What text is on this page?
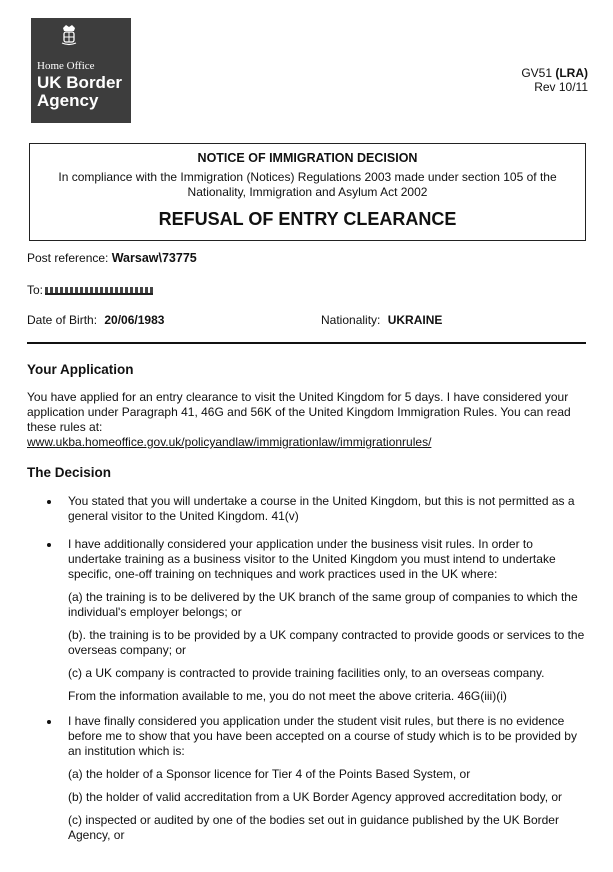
Home Office
UK Border
Agency
GV51 (LRA)
Rev 10/11
NOTICE OF IMMIGRATION DECISION
In compliance with the Immigration (Notices) Regulations 2003 made under section 105 of the Nationality, Immigration and Asylum Act 2002
REFUSAL OF ENTRY CLEARANCE
Post reference: Warsaw\73775
To:
Date of Birth: 20/06/1983	Nationality: UKRAINE
Your Application
You have applied for an entry clearance to visit the United Kingdom for 5 days. I have considered your application under Paragraph 41, 46G and 56K of the United Kingdom Immigration Rules. You can read these rules at:
www.ukba.homeoffice.gov.uk/policyandlaw/immigrationlaw/immigrationrules/
The Decision
You stated that you will undertake a course in the United Kingdom, but this is not permitted as a general visitor to the United Kingdom. 41(v)
I have additionally considered your application under the business visit rules. In order to undertake training as a business visitor to the United Kingdom you must intend to undertake specific, one-off training on techniques and work practices used in the UK where:
(a) the training is to be delivered by the UK branch of the same group of companies to which the individual's employer belongs; or
(b). the training is to be provided by a UK company contracted to provide goods or services to the overseas company; or
(c) a UK company is contracted to provide training facilities only, to an overseas company.
From the information available to me, you do not meet the above criteria. 46G(iii)(i)
I have finally considered you application under the student visit rules, but there is no evidence before me to show that you have been accepted on a course of study which is to be provided by an institution which is:
(a) the holder of a Sponsor licence for Tier 4 of the Points Based System, or
(b) the holder of valid accreditation from a UK Border Agency approved accreditation body, or
(c) inspected or audited by one of the bodies set out in guidance published by the UK Border Agency, or
